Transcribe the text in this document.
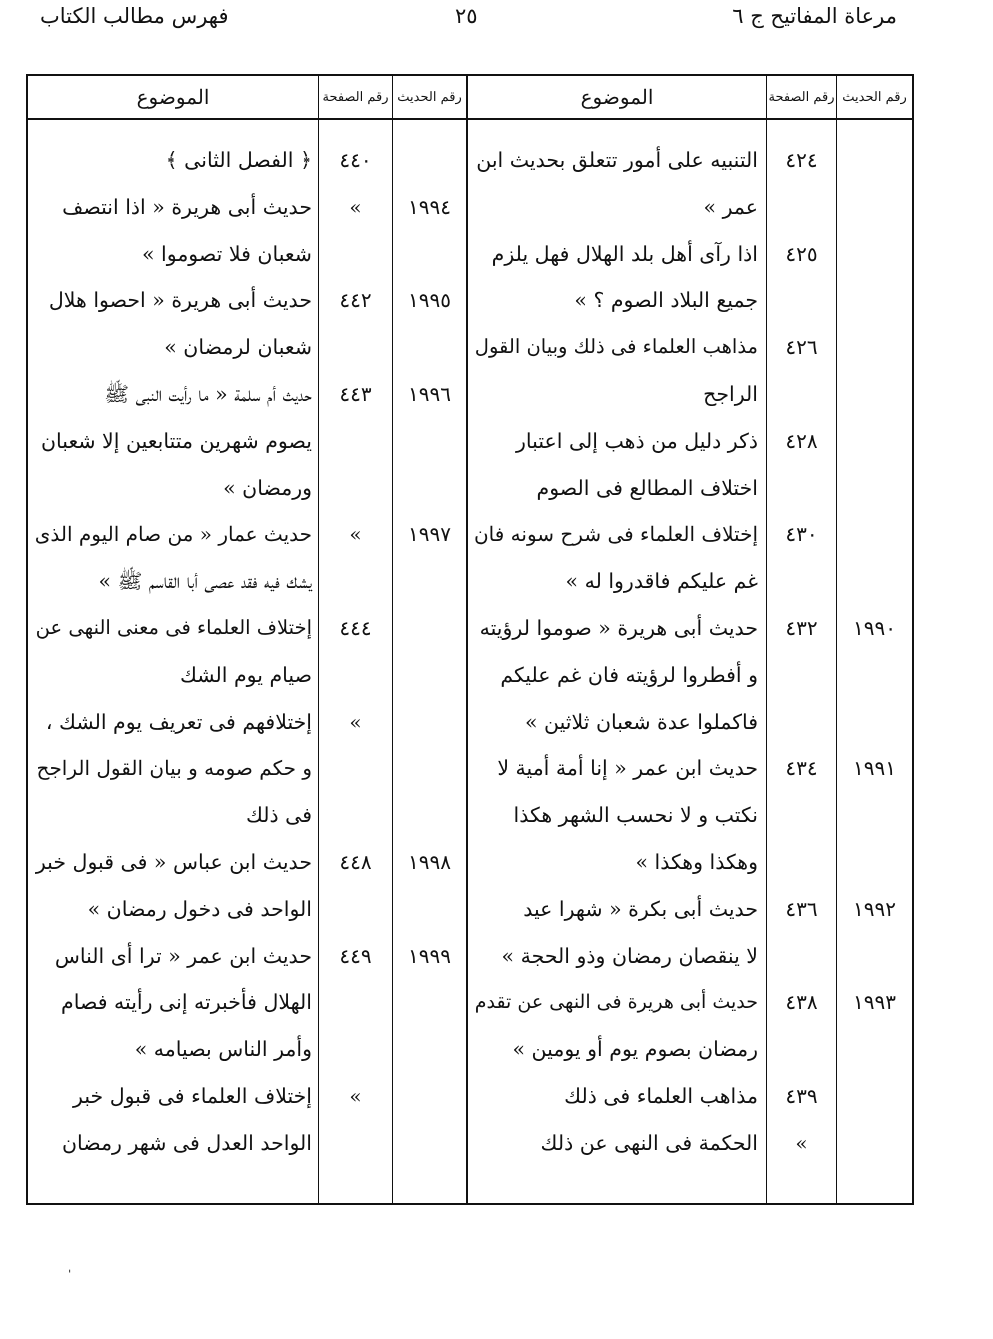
مرعاة المفاتيح ج ٦
٢٥
فهرس مطالب الكتاب
رقم الحديث
رقم الصفحة
الموضوع
رقم الحديث
رقم الصفحة
الموضوع
٤٢٤
التنبيه على أمور تتعلق بحديث ابن
عمر »
٤٢٥
اذا رآى أهل بلد الهلال فهل يلزم
جميع البلاد الصوم ؟ »
٤٢٦
مذاهب العلماء فى ذلك وبيان القول
الراجح
٤٢٨
ذكر دليل من ذهب إلى اعتبار
اختلاف المطالع فى الصوم
٤٣٠
إختلاف العلماء فى شرح سونه فان
غم عليكم فاقدروا له »
٤٣٢	١٩٩٠
حديث أبى هريرة « صوموا لرؤيته
و أفطروا لرؤيته فان غم عليكم
فاكملوا عدة شعبان ثلاثين »
٤٣٤	١٩٩١
حديث ابن عمر « إنا أمة أمية لا
نكتب و لا نحسب الشهر هكذا
وهكذا وهكذا »
٤٣٦	١٩٩٢
حديث أبى بكرة « شهرا عيد
لا ينقصان رمضان وذو الحجة »
٤٣٨	١٩٩٣
حديث أبى هريرة فى النهى عن تقدم
رمضان بصوم يوم أو يومين »
٤٣٩
مذاهب العلماء فى ذلك
»
الحكمة فى النهى عن ذلك
٤٤٠
﴿ الفصل الثانى ﴾
»	١٩٩٤
حديث أبى هريرة « اذا انتصف
شعبان فلا تصوموا »
٤٤٢	١٩٩٥
حديث أبى هريرة « احصوا هلال
شعبان لرمضان »
٤٤٣	١٩٩٦
حديث أم سلمة « ما رأيت النبى ﷺ
يصوم شهرين متتابعين إلا شعبان
ورمضان »
»	١٩٩٧
حديث عمار « من صام اليوم الذى
يشك فيه فقد عصى أبا القاسم ﷺ »
٤٤٤
إختلاف العلماء فى معنى النهى عن
صيام يوم الشك
»
إختلافهم فى تعريف يوم الشك ،
و حكم صومه و بيان القول الراجح
فى ذلك
٤٤٨	١٩٩٨
حديث ابن عباس « فى قبول خبر
الواحد فى دخول رمضان »
٤٤٩	١٩٩٩
حديث ابن عمر « ترا أى الناس
الهلال فأخبرته إنى رأيته فصام
وأمر الناس بصيامه »
»
إختلاف العلماء فى قبول خبر
الواحد العدل فى شهر رمضان
ˈ
